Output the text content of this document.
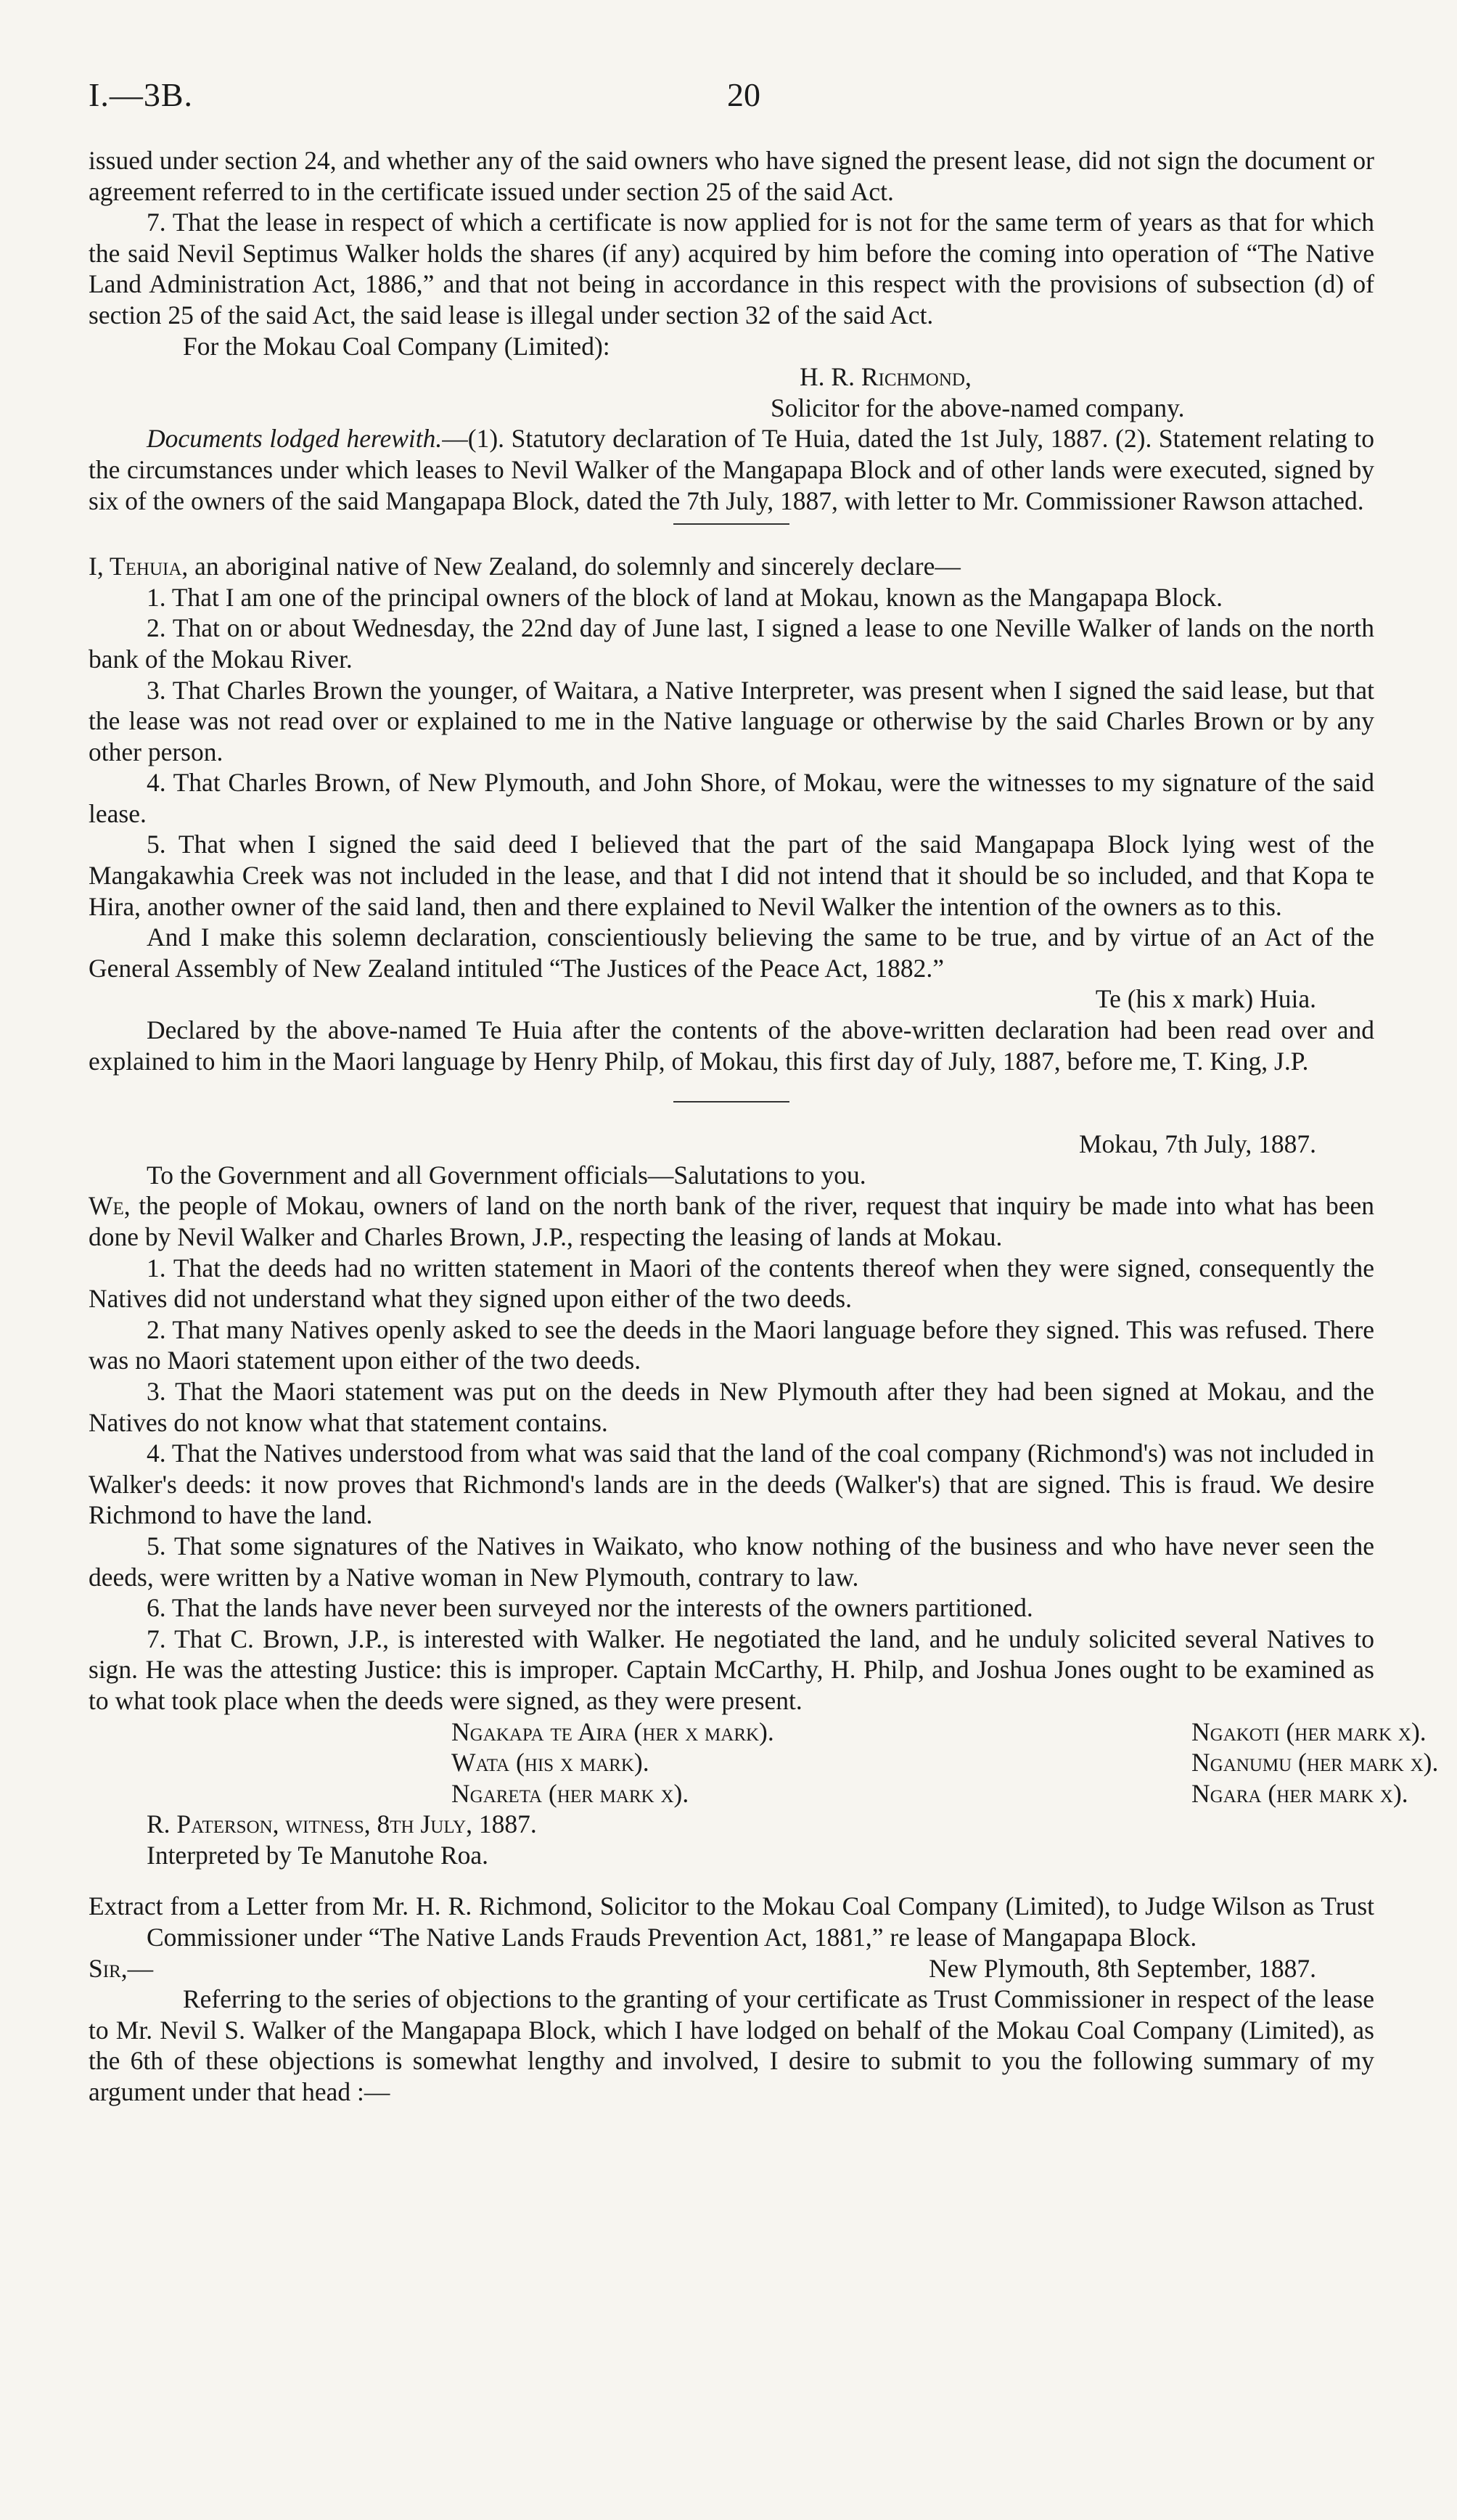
I.—3B.	20

issued under section 24, and whether any of the said owners who have signed the present lease, did not sign the document or agreement referred to in the certificate issued under section 25 of the said Act.

7. That the lease in respect of which a certificate is now applied for is not for the same term of years as that for which the said Nevil Septimus Walker holds the shares (if any) acquired by him before the coming into operation of “The Native Land Administration Act, 1886,” and that not being in accordance in this respect with the provisions of subsection (d) of section 25 of the said Act, the said lease is illegal under section 32 of the said Act.

For the Mokau Coal Company (Limited):

H. R. Richmond,

Solicitor for the above-named company.

Documents lodged herewith.—(1). Statutory declaration of Te Huia, dated the 1st July, 1887. (2). Statement relating to the circumstances under which leases to Nevil Walker of the Mangapapa Block and of other lands were executed, signed by six of the owners of the said Mangapapa Block, dated the 7th July, 1887, with letter to Mr. Commissioner Rawson attached.

I, Tehuia, an aboriginal native of New Zealand, do solemnly and sincerely declare—

1. That I am one of the principal owners of the block of land at Mokau, known as the Mangapapa Block.

2. That on or about Wednesday, the 22nd day of June last, I signed a lease to one Neville Walker of lands on the north bank of the Mokau River.

3. That Charles Brown the younger, of Waitara, a Native Interpreter, was present when I signed the said lease, but that the lease was not read over or explained to me in the Native language or otherwise by the said Charles Brown or by any other person.

4. That Charles Brown, of New Plymouth, and John Shore, of Mokau, were the witnesses to my signature of the said lease.

5. That when I signed the said deed I believed that the part of the said Mangapapa Block lying west of the Mangakawhia Creek was not included in the lease, and that I did not intend that it should be so included, and that Kopa te Hira, another owner of the said land, then and there explained to Nevil Walker the intention of the owners as to this.

And I make this solemn declaration, conscientiously believing the same to be true, and by virtue of an Act of the General Assembly of New Zealand intituled “The Justices of the Peace Act, 1882.”

Te (his x mark) Huia.

Declared by the above-named Te Huia after the contents of the above-written declaration had been read over and explained to him in the Maori language by Henry Philp, of Mokau, this first day of July, 1887, before me, T. King, J.P.

Mokau, 7th July, 1887.

To the Government and all Government officials—Salutations to you.

We, the people of Mokau, owners of land on the north bank of the river, request that inquiry be made into what has been done by Nevil Walker and Charles Brown, J.P., respecting the leasing of lands at Mokau.

1. That the deeds had no written statement in Maori of the contents thereof when they were signed, consequently the Natives did not understand what they signed upon either of the two deeds.

2. That many Natives openly asked to see the deeds in the Maori language before they signed. This was refused. There was no Maori statement upon either of the two deeds.

3. That the Maori statement was put on the deeds in New Plymouth after they had been signed at Mokau, and the Natives do not know what that statement contains.

4. That the Natives understood from what was said that the land of the coal company (Richmond's) was not included in Walker's deeds: it now proves that Richmond's lands are in the deeds (Walker's) that are signed. This is fraud. We desire Richmond to have the land.

5. That some signatures of the Natives in Waikato, who know nothing of the business and who have never seen the deeds, were written by a Native woman in New Plymouth, contrary to law.

6. That the lands have never been surveyed nor the interests of the owners partitioned.

7. That C. Brown, J.P., is interested with Walker. He negotiated the land, and he unduly solicited several Natives to sign. He was the attesting Justice: this is improper. Captain McCarthy, H. Philp, and Joshua Jones ought to be examined as to what took place when the deeds were signed, as they were present.

Ngakapa te Aira (her x mark).	Ngakoti (her mark x).
Wata (his x mark).	Nganumu (her mark x).
Ngareta (her mark x).	Ngara (her mark x).

R. Paterson, witness, 8th July, 1887.

Interpreted by Te Manutohe Roa.

Extract from a Letter from Mr. H. R. Richmond, Solicitor to the Mokau Coal Company (Limited), to Judge Wilson as Trust Commissioner under “The Native Lands Frauds Prevention Act, 1881,” re lease of Mangapapa Block.

Sir,—	New Plymouth, 8th September, 1887.

Referring to the series of objections to the granting of your certificate as Trust Commissioner in respect of the lease to Mr. Nevil S. Walker of the Mangapapa Block, which I have lodged on behalf of the Mokau Coal Company (Limited), as the 6th of these objections is somewhat lengthy and involved, I desire to submit to you the following summary of my argument under that head :—
